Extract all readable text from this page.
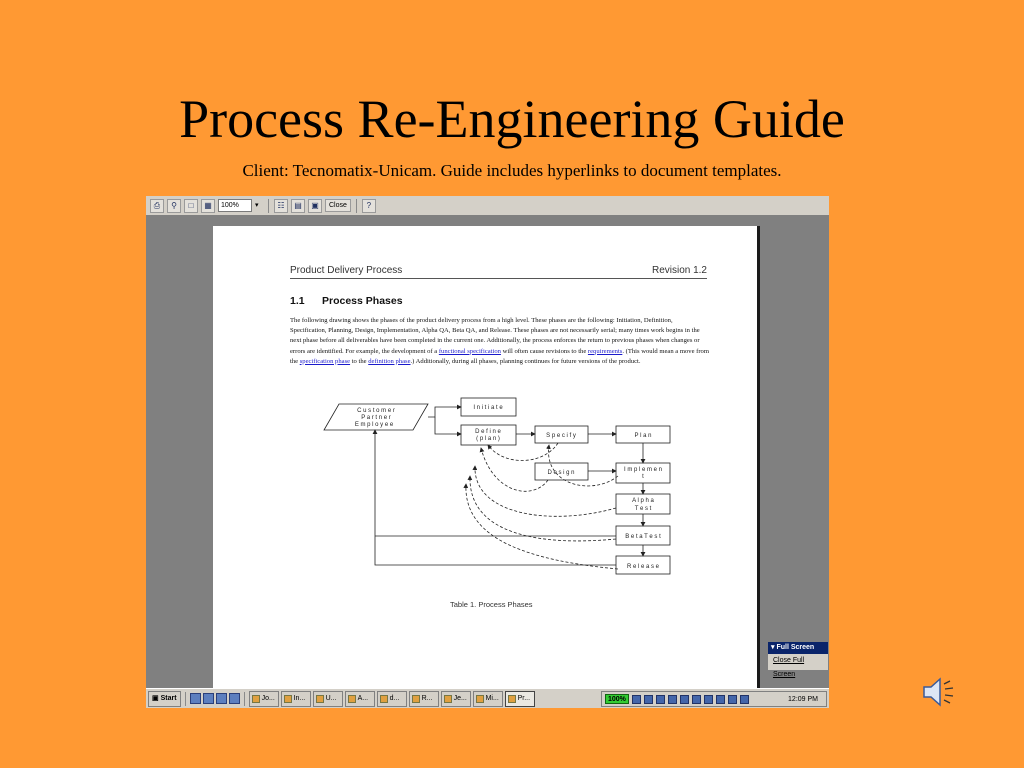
Process Re-Engineering Guide
Client: Tecnomatix-Unicam. Guide includes hyperlinks to document templates.
⎙	⚲	□	▦	100%	▾	☷	▤	▣	Close	?
Product Delivery Process	Revision 1.2
1.1 Process Phases
The following drawing shows the phases of the product delivery process from a high level. These phases are the following: Initiation, Definition, Specification, Planning, Design, Implementation, Alpha QA, Beta QA, and Release. These phases are not necessarily serial; many times work begins in the next phase before all deliverables have been completed in the current one. Additionally, the process enforces the return to previous phases when changes or errors are identified. For example, the development of a functional specification will often cause revisions to the requirements. (This would mean a move from the specification phase to the definition phase.) Additionally, during all phases, planning continues for future versions of the product.
C u s t o m e r
P a r t n e r
E m p l o y e e
I n i t i a t e
D e f i n e
( p l a n )	S p e c i f y	P l a n
D e s i g n	I m p l e m e n
t
A l p h a
T e s t
B e t a T e s t
R e l e a s e
Table 1. Process Phases
▾ Full Screen
Close Full Screen
▣ Start	Jo...	In...	U...	A...	d...	R...	Je...	Mi...	Pr...	100%	12:09 PM
